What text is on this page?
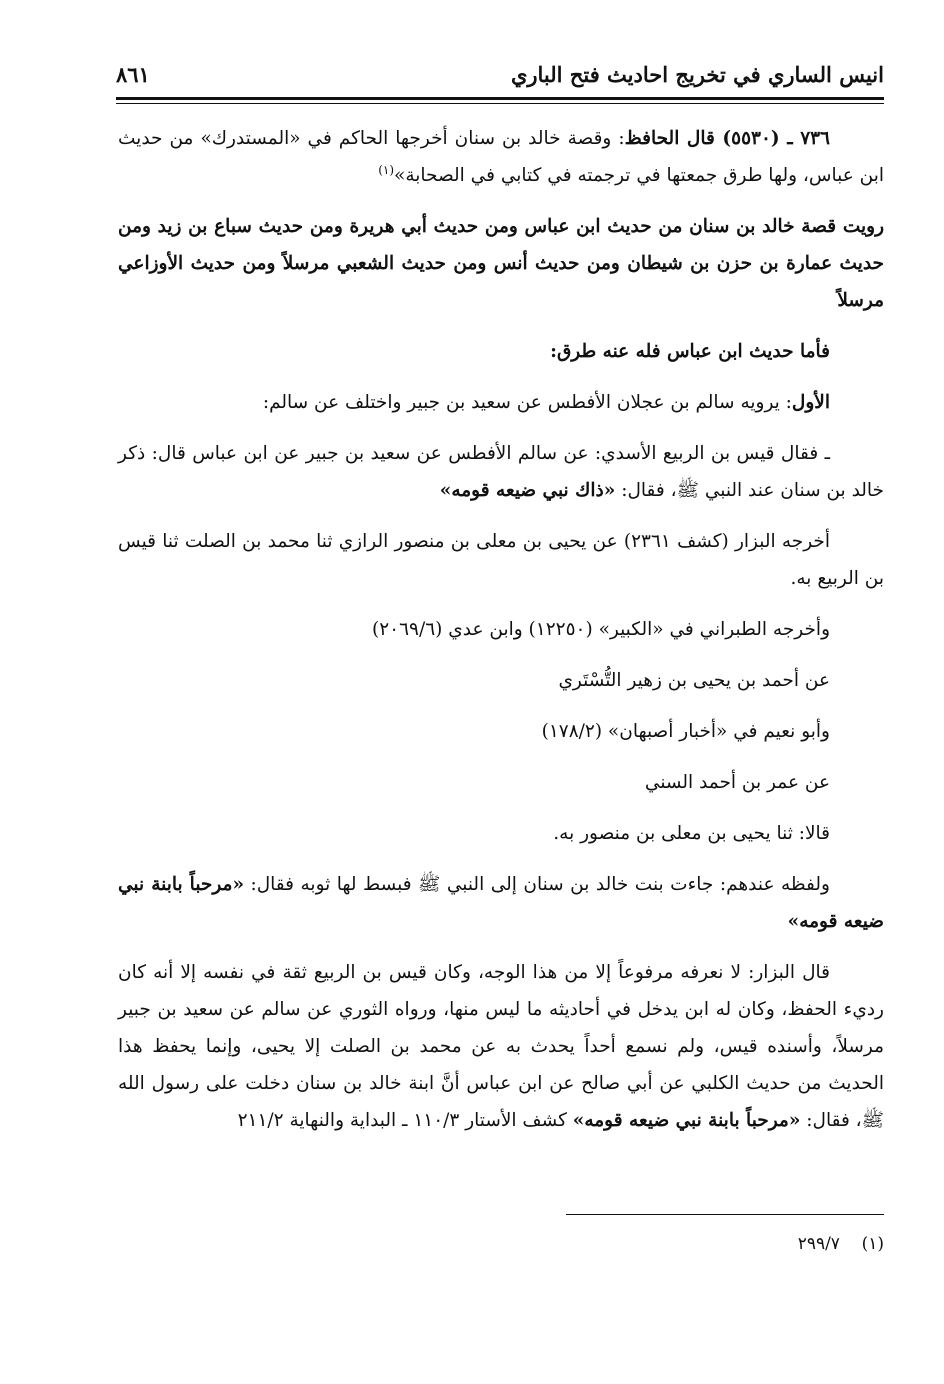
انيس الساري في تخريج احاديث فتح الباري
٨٦١

٧٣٦ ـ (٥٥٣٠) قال الحافظ: وقصة خالد بن سنان أخرجها الحاكم في «المستدرك» من حديث ابن عباس، ولها طرق جمعتها في ترجمته في كتابي في الصحابة»$^{(١)}$

رويت قصة خالد بن سنان من حديث ابن عباس ومن حديث أبي هريرة ومن حديث سباع بن زيد ومن حديث عمارة بن حزن بن شيطان ومن حديث أنس ومن حديث الشعبي مرسلاً ومن حديث الأوزاعي مرسلاً

فأما حديث ابن عباس فله عنه طرق:

الأول: يرويه سالم بن عجلان الأفطس عن سعيد بن جبير واختلف عن سالم:

ـ فقال قيس بن الربيع الأسدي: عن سالم الأفطس عن سعيد بن جبير عن ابن عباس قال: ذكر خالد بن سنان عند النبي ﷺ، فقال: «ذاك نبي ضيعه قومه»

أخرجه البزار (كشف ٢٣٦١) عن يحيى بن معلى بن منصور الرازي ثنا محمد بن الصلت ثنا قيس بن الربيع به.

وأخرجه الطبراني في «الكبير» (١٢٢٥٠) وابن عدي (٢٠٦٩/٦)

عن أحمد بن يحيى بن زهير التُّسْتَري

وأبو نعيم في «أخبار أصبهان» (١٧٨/٢)

عن عمر بن أحمد السني

قالا: ثنا يحيى بن معلى بن منصور به.

ولفظه عندهم: جاءت بنت خالد بن سنان إلى النبي ﷺ فبسط لها ثوبه فقال: «مرحباً بابنة نبي ضيعه قومه»

قال البزار: لا نعرفه مرفوعاً إلا من هذا الوجه، وكان قيس بن الربيع ثقة في نفسه إلا أنه كان رديء الحفظ، وكان له ابن يدخل في أحاديثه ما ليس منها، ورواه الثوري عن سالم عن سعيد بن جبير مرسلاً، وأسنده قيس، ولم نسمع أحداً يحدث به عن محمد بن الصلت إلا يحيى، وإنما يحفظ هذا الحديث من حديث الكلبي عن أبي صالح عن ابن عباس أنَّ ابنة خالد بن سنان دخلت على رسول الله ﷺ، فقال: «مرحباً بابنة نبي ضيعه قومه» كشف الأستار ١١٠/٣ ـ البداية والنهاية ٢١١/٢

(١)    ٢٩٩/٧
